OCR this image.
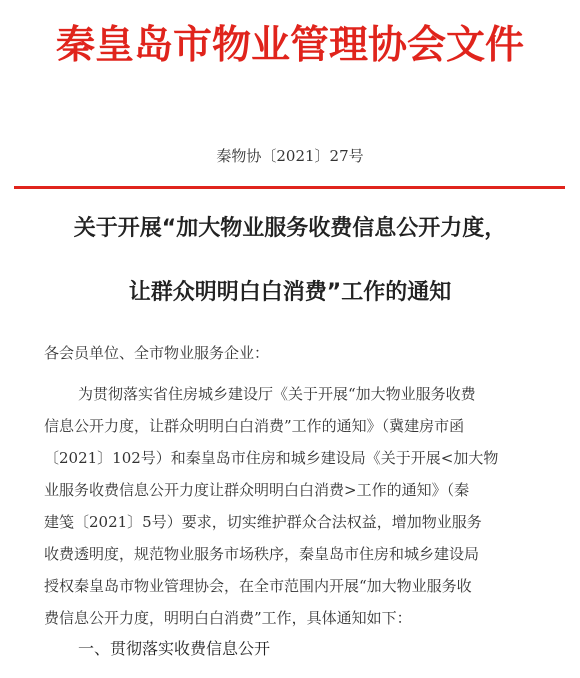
秦皇岛市物业管理协会文件
秦物协〔2021〕27号
关于开展“加大物业服务收费信息公开力度，
让群众明明白白消费”工作的通知
各会员单位、全市物业服务企业：
为贯彻落实省住房城乡建设厅《关于开展“加大物业服务收费
信息公开力度，让群众明明白白消费”工作的通知》（冀建房市函
〔2021〕102号）和秦皇岛市住房和城乡建设局《关于开展<加大物
业服务收费信息公开力度让群众明明白白消费>工作的通知》（秦
建笺〔2021〕5号）要求，切实维护群众合法权益，增加物业服务
收费透明度，规范物业服务市场秩序，秦皇岛市住房和城乡建设局
授权秦皇岛市物业管理协会，在全市范围内开展“加大物业服务收
费信息公开力度，明明白白消费”工作，具体通知如下：
一、贯彻落实收费信息公开
